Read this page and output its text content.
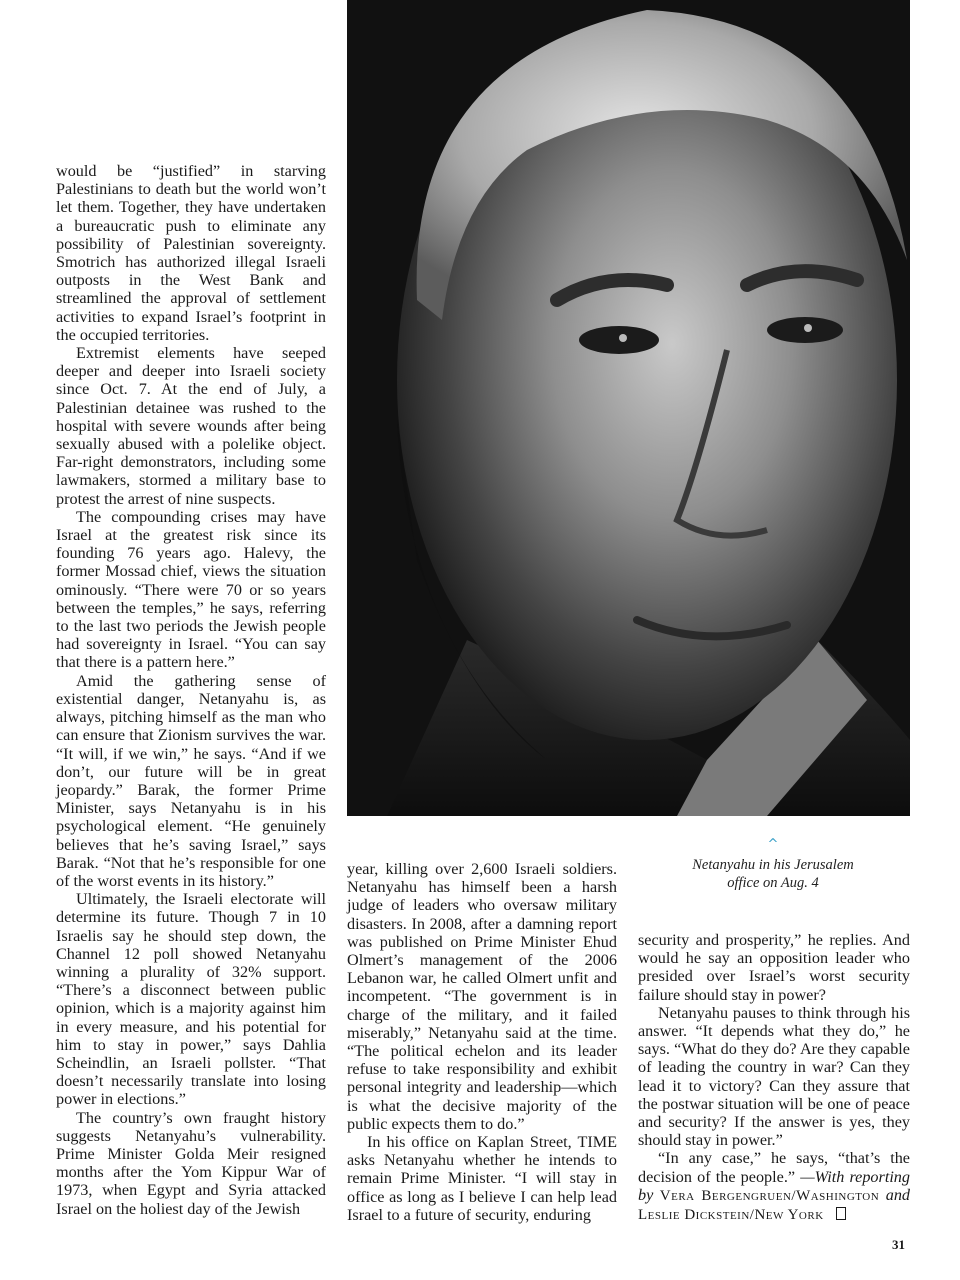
would be “justified” in starving Palestinians to death but the world won’t let them. Together, they have undertaken a bureaucratic push to eliminate any possibility of Palestinian sovereignty. Smotrich has authorized illegal Israeli outposts in the West Bank and streamlined the approval of settlement activities to expand Israel’s footprint in the occupied territories.

Extremist elements have seeped deeper and deeper into Israeli society since Oct. 7. At the end of July, a Palestinian detainee was rushed to the hospital with severe wounds after being sexually abused with a polelike object. Far-right demonstrators, including some lawmakers, stormed a military base to protest the arrest of nine suspects.

The compounding crises may have Israel at the greatest risk since its founding 76 years ago. Halevy, the former Mossad chief, views the situation ominously. “There were 70 or so years between the temples,” he says, referring to the last two periods the Jewish people had sovereignty in Israel. “You can say that there is a pattern here.”

Amid the gathering sense of existential danger, Netanyahu is, as always, pitching himself as the man who can ensure that Zionism survives the war. “It will, if we win,” he says. “And if we don’t, our future will be in great jeopardy.” Barak, the former Prime Minister, says Netanyahu is in his psychological element. “He genuinely believes that he’s saving Israel,” says Barak. “Not that he’s responsible for one of the worst events in its history.”

Ultimately, the Israeli electorate will determine its future. Though 7 in 10 Israelis say he should step down, the Channel 12 poll showed Netanyahu winning a plurality of 32% support. “There’s a disconnect between public opinion, which is a majority against him in every measure, and his potential for him to stay in power,” says Dahlia Scheindlin, an Israeli pollster. “That doesn’t necessarily translate into losing power in elections.”

The country’s own fraught history suggests Netanyahu’s vulnerability. Prime Minister Golda Meir resigned months after the Yom Kippur War of 1973, when Egypt and Syria attacked Israel on the holiest day of the Jewish

^
Netanyahu in his Jerusalem
office on Aug. 4

year, killing over 2,600 Israeli soldiers. Netanyahu has himself been a harsh judge of leaders who oversaw military disasters. In 2008, after a damning report was published on Prime Minister Ehud Olmert’s management of the 2006 Lebanon war, he called Olmert unfit and incompetent. “The government is in charge of the military, and it failed miserably,” Netanyahu said at the time. “The political echelon and its leader refuse to take responsibility and exhibit personal integrity and leadership—which is what the decisive majority of the public expects them to do.”

In his office on Kaplan Street, TIME asks Netanyahu whether he intends to remain Prime Minister. “I will stay in office as long as I believe I can help lead Israel to a future of security, enduring

security and prosperity,” he replies. And would he say an opposition leader who presided over Israel’s worst security failure should stay in power?

Netanyahu pauses to think through his answer. “It depends what they do,” he says. “What do they do? Are they capable of leading the country in war? Can they lead it to victory? Can they assure that the postwar situation will be one of peace and security? If the answer is yes, they should stay in power.”

“In any case,” he says, “that’s the decision of the people.” —With reporting by Vera Bergengruen/Washington and Leslie Dickstein/New York

31
